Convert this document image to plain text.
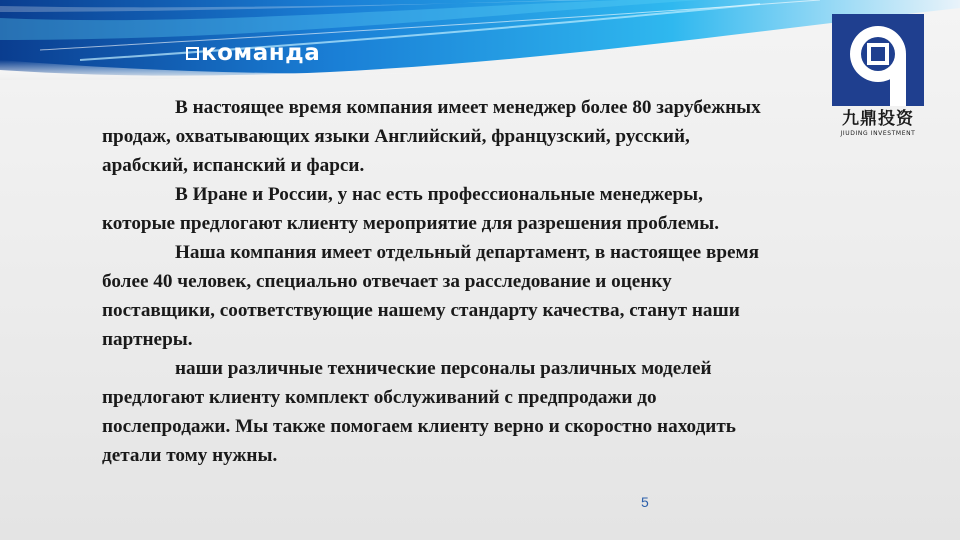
команда
九鼎投资
JIUDING INVESTMENT

В настоящее время компания имеет менеджер более 80 зарубежных продаж, охватывающих языки Английский, французский, русский, арабский, испанский и фарси.

В Иране и России, у нас есть профессиональные менеджеры, которые предлогают клиенту мероприятие для разрешения проблемы.

Наша компания имеет отдельный департамент, в настоящее время более 40 человек, специально отвечает за расследование и оценку поставщики, соответствующие нашему стандарту качества, станут наши партнеры.

наши различные технические персоналы различных моделей предлогают клиенту комплект обслуживаний с предпродажи до послепродажи. Мы также помогаем клиенту верно и скоростно находить детали тому нужны.

5
